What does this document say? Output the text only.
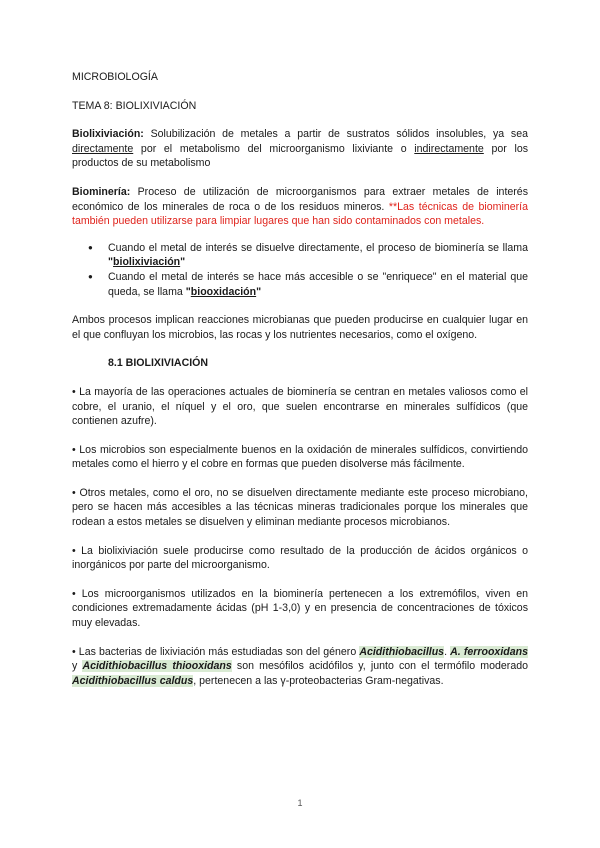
MICROBIOLOGÍA

TEMA 8: BIOLIXIVIACIÓN

Biolixiviación: Solubilización de metales a partir de sustratos sólidos insolubles, ya sea directamente por el metabolismo del microorganismo lixiviante o indirectamente por los productos de su metabolismo

Biominería: Proceso de utilización de microorganismos para extraer metales de interés económico de los minerales de roca o de los residuos mineros. **Las técnicas de biominería también pueden utilizarse para limpiar lugares que han sido contaminados con metales.

● Cuando el metal de interés se disuelve directamente, el proceso de biominería se llama "biolixiviación"
● Cuando el metal de interés se hace más accesible o se "enriquece" en el material que queda, se llama "biooxidación"

Ambos procesos implican reacciones microbianas que pueden producirse en cualquier lugar en el que confluyan los microbios, las rocas y los nutrientes necesarios, como el oxígeno.

8.1 BIOLIXIVIACIÓN

• La mayoría de las operaciones actuales de biominería se centran en metales valiosos como el cobre, el uranio, el níquel y el oro, que suelen encontrarse en minerales sulfídicos (que contienen azufre).

• Los microbios son especialmente buenos en la oxidación de minerales sulfídicos, convirtiendo metales como el hierro y el cobre en formas que pueden disolverse más fácilmente.

• Otros metales, como el oro, no se disuelven directamente mediante este proceso microbiano, pero se hacen más accesibles a las técnicas mineras tradicionales porque los minerales que rodean a estos metales se disuelven y eliminan mediante procesos microbianos.

• La biolixiviación suele producirse como resultado de la producción de ácidos orgánicos o inorgánicos por parte del microorganismo.

• Los microorganismos utilizados en la biominería pertenecen a los extremófilos, viven en condiciones extremadamente ácidas (pH 1-3,0) y en presencia de concentraciones de tóxicos muy elevadas.

• Las bacterias de lixiviación más estudiadas son del género Acidithiobacillus. A. ferrooxidans y Acidithiobacillus thiooxidans son mesófilos acidófilos y, junto con el termófilo moderado Acidithiobacillus caldus, pertenecen a las γ-proteobacterias Gram-negativas.

1
